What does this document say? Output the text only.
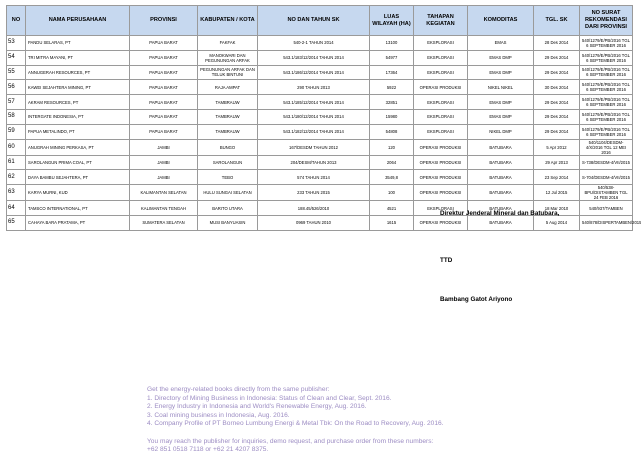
NO	NAMA PERUSAHAAN	PROVINSI	KABUPATEN / KOTA	NO DAN TAHUN SK	LUAS WILAYAH (HA)	TAHAPAN KEGIATAN	KOMODITAS	TGL. SK	NO SURAT REKOMENDASI DARI PROVINSI
53	PANDU SELARAS, PT	PAPUA BARAT	FAKFAK	540-2-1 TAHUN 2014	13100	EKSPLORASI	EMAS	28 Des 2014	540/1279/E/PB/2016 TGL 6 SEPTEMBER 2016
54	TRI MITRA MAYANI, PT	PAPUA BARAT	MANOKWARI DAN PEGUNUNGAN ARFAK	543.1/183/12/2014 TAHUN 2014	54977	EKSPLORASI	EMAS DMP	29 Des 2014	540/1279/E/PB/2016 TGL 6 SEPTEMBER 2016
55	ANNUGERAH RESOURCES, PT	PAPUA BARAT	PEGUNUNGAN ARFAK DAN TELUK BINTUNI	543.1/186/12/2014 TAHUN 2014	17364	EKSPLORASI	EMAS DMP	29 Des 2014	540/1279/E/PB/2016 TGL 6 SEPTEMBER 2016
56	KAWEI SEJAHTERA MINING, PT	PAPUA BARAT	RAJA AMPAT	290 TAHUN 2013	5922	OPERASI PRODUKSI	NIKEL NIKEL	30 Des 2014	540/1279/E/PB/2016 TGL 6 SEPTEMBER 2016
57	AKRAM RESOURCES, PT	PAPUA BARAT	TAMBRAUW	543.1/185/12/2014 TAHUN 2014	32851	EKSPLORASI	EMAS DMP	29 Des 2014	540/1279/E/PB/2016 TGL 6 SEPTEMBER 2016
58	INTERGATE INDONESIA, PT	PAPUA BARAT	TAMBRAUW	543.1/180/12/2014 TAHUN 2014	15980	EKSPLORASI	EMAS DMP	29 Des 2014	540/1279/E/PB/2016 TGL 6 SEPTEMBER 2016
59	PAPUA METALINDO, PT	PAPUA BARAT	TAMBRAUW	543.1/182/12/2014 TAHUN 2014	54808	EKSPLORASI	NIKEL DMP	29 Des 2014	540/1279/E/PB/2016 TGL 6 SEPTEMBER 2016
60	ANUGRAH MINING PERKASA, PT	JAMBI	BUNGO	167/DESDM TAHUN 2012	120	OPERASI PRODUKSI	BATUBARA	5 Apr 2012	540/1104/DESDM-4/X/2016 TGL 12 MEI 2016
61	SAROLANGUN PRIMA COAL, PT	JAMBI	SAROLANGUN	204/DESM/TAHUN 2013	2064	OPERASI PRODUKSI	BATUBARA	29 Apr 2013	S-738/DESDM-4/VII/2015
62	DAYA BAMBU SEJAHTERA, PT	JAMBI	TEBO	574 TAHUN 2014	3549,8	OPERASI PRODUKSI	BATUBARA	23 Sep 2014	S-704/DESDM-4/VII/2015
63	KARYA MURNI, KUD	KALIMANTAN SELATAN	HULU SUNGAI SELATAN	233 TAHUN 2015	100	OPERASI PRODUKSI	BATUBARA	12 Jul 2015	540/538-BPU/DISTAMBEN TGL 24 FEB 2016
64	TAMSCO INTERNATIONAL, PT	KALIMANTAN TENGAH	BARITO UTARA	188.45/526/2010	4521	EKSPLORASI	BATUBARA	18 Mar 2010	540/937/TAMBEN
65	CAHAYA BARA PRATAMA, PT	SUMATERA SELATAN	MUSI BANYUASIN	0969 TAHUN 2010	1615	OPERASI PRODUKSI	BATUBARA	5 Aug 2014	540/878/DISPERTAMBEN/2015
Direktur Jenderal Mineral dan Batubara,
TTD
Bambang Gatot Ariyono
Get the energy-related books directly from the same publisher:
1. Directory of Mining Business in Indonesia: Status of Clean and Clear, Sept. 2016.
2. Energy Industry in Indonesia and World's Renewable Energy, Aug. 2016.
3. Coal mining business in Indonesia, Aug. 2016.
4. Company Profile of PT Borneo Lumbung Energi & Metal Tbk: On the Road to Recovery, Aug. 2016.
You may reach the publisher for inquiries, demo request, and purchase order from these numbers:
+62 851 0518 7118 or +62 21 4207 8375.
